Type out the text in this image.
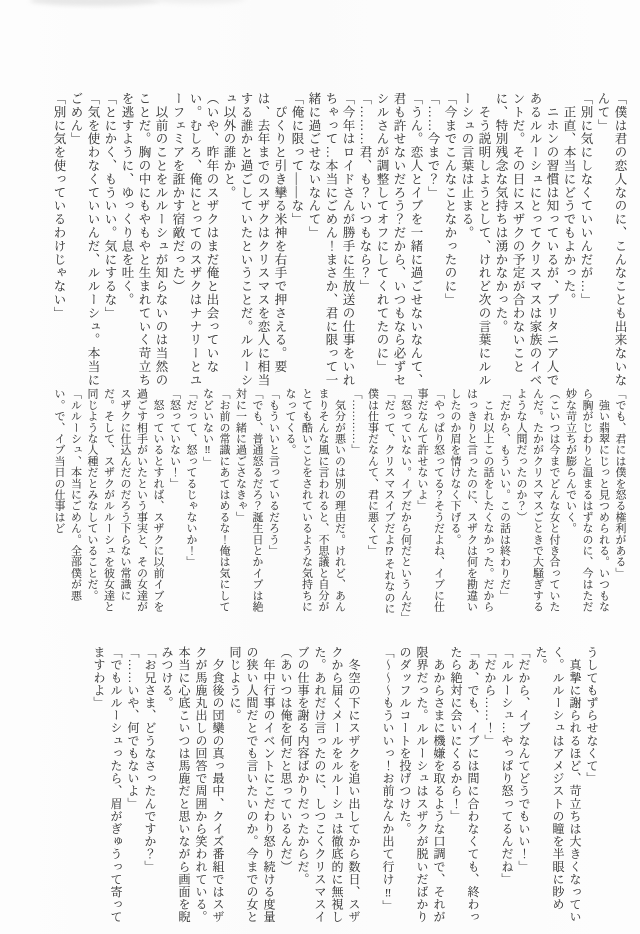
「僕は君の恋人なのに、こんなことも出来ないなんて」

「別に気にしなくていいんだが…」

　正直、本当にどうでもよかった。

　ニホンの習慣は知っているが、ブリタニア人であるルルーシュにとってクリスマスは家族のイベントだ。その日にスザクの予定が合わないことに、特別残念な気持ちは湧かなかった。

　そう説明しようとして、けれど次の言葉にルルーシュの言葉は止まる。

「今までこんなことなかったのに」

「……今まで？」

「うん。恋人とイブを一緒に過ごせないなんて、君も許せないだろう？だから、いつもなら必ずセシルさんが調整してオフにしてくれてたのに」

「………君、も？いつもなら？」

「今年はロイドさんが勝手に生放送の仕事をいれちゃって…本当にごめん！まさか、君に限って一緒に過ごせないなんて」

「俺に限って――な」

　ぴくりと引き攣る米神を右手で押さえる。要は、去年までのスザクはクリスマスを恋人に相当する誰かと過ごしていたということだ。ルルーシュ以外の誰かと。

（いや、昨年のスザクはまだ俺と出会っていない。むしろ、俺にとってのスザクはナナリーとユーフェミアを誑かす宿敵だった）

　以前のことをルルーシュが知らないのは当然のことだ。胸の中にもやもやと生まれていく苛立ちを逃すように、ゆっくり息を吐く。

「とにかく、もういい。気にするな」

「気を使わなくていいんだ、ルルーシュ。本当にごめん」

「別に気を使っているわけじゃない」

「でも、君には僕を怒る権利がある」

　強い翡翠にじっと見つめられる。いつもなら胸がじわりと温まるはずなのに、今はただ妙な苛立ちが膨らんでいく。

（こいつは今までどんな女と付き合っていたんだ。たかがクリスマスごときで大騒ぎするような人間だったのか？）

「だから、もういい。この話は終わりだ」

　これ以上この話をしたくなかった。だからはっきりと言ったのに、スザクは何を勘違いしたのか眉を情けなく下げる。

「やっぱり怒ってる？そうだよね、イブに仕事だなんて許せないよ」

「怒っていない。イブだから何だというんだ」

「だって、クリスマスイブだよ⁉それなのに僕は仕事だなんて、君に悪くて」

「…………」

　気分が悪いのは別の理由だ。けれど、あんまりそんな風に言われると、不思議と自分がとても酷いことをされているような気持ちになってくる。

「もういいと言っているだろう」

「でも、普通怒るだろ？誕生日とかイブは絶対に一緒に過ごさなきゃ」

「お前の常識にあてはめるな！俺は気にしてなどいない‼」

「だって、怒ってるじゃないか！」

「怒っていない！」

　怒っているとすれば、スザクに以前イブを過ごす相手がいたという事実と、その女達がスザクに仕込んだのだろう下らない常識にだ。そして、スザクがルルーシュを彼女達と同じような人種だとみなしていることだ。

「ルルーシュ、本当にごめん。全部僕が悪い。で、イブ当日の仕事はど

うしてもずらせなくて」

　真摯に謝られるほど、苛立ちは大きくなっていく。ルルーシュはアメジストの瞳を半眼に眇めた。

「だから、イブなんてどうでもいい！」

「ルルーシュ…やっぱり怒ってるんだね」

「だから……！」

「あ、でも、イブには間に合わなくても、終わったら絶対に会いにくるから！」

　あからさまに機嫌を取るような口調で、それが限界だった。ルルーシュはスザクが脱いだばかりのダッフルコートを投げつけた。

「～～～もういいっ！お前なんか出て行け‼」

　冬空の下にスザクを追い出してから数日、スザクから届くメールをルルーシュは徹底的に無視した。あれだけ言ったのに、しつこくクリスマスイブの仕事を謝る内容ばかりだったからだ。

（あいつは俺を何だと思っているんだ）

　年中行事のイベントにこだわり怒り続ける度量の狭い人間だとでも言いたいのか。今までの女と同じように。

　夕食後の団欒の真っ最中、クイズ番組ではスザクが馬鹿丸出しの回答で周囲から笑われている。本当に心底こいつは馬鹿だと思いながら画面を睨みつける。

「お兄さま、どうなさったんですか？」

「……いや、何でもないよ」

「でもルルーシュったら、眉がぎゅうって寄ってますわよ」
